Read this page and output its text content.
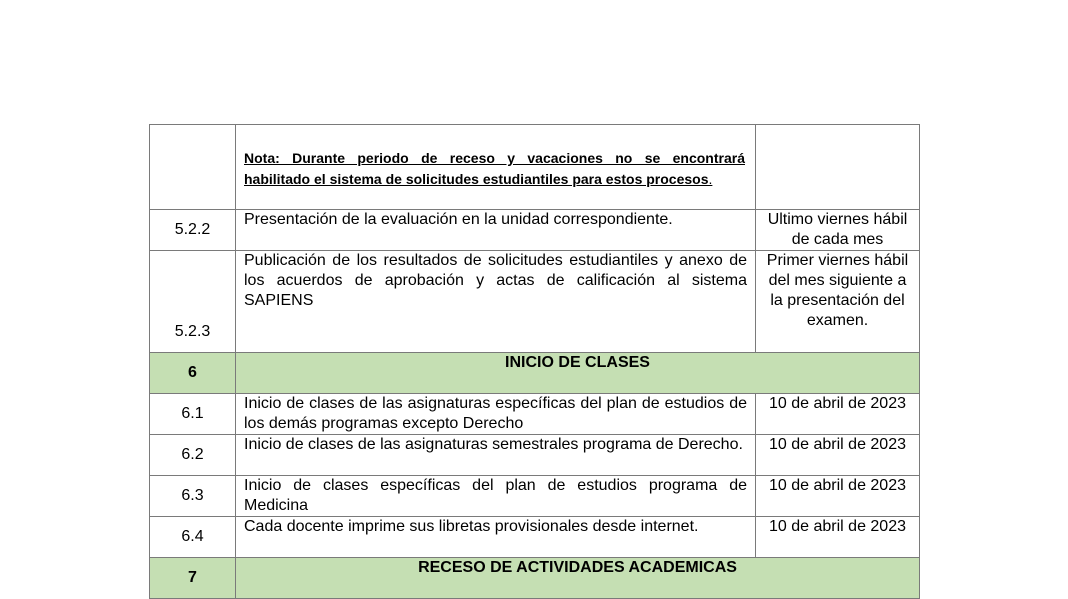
	Nota: Durante periodo de receso y vacaciones no se encontrará
habilitado el sistema de solicitudes estudiantiles para estos procesos.	

5.2.2	Presentación de la evaluación en la unidad correspondiente.	Ultimo viernes hábil de cada mes
5.2.3	Publicación de los resultados de solicitudes estudiantiles y anexo de los acuerdos de aprobación y actas de calificación al sistema SAPIENS	Primer viernes hábil del mes siguiente a la presentación del examen.
6	INICIO DE CLASES	
6.1	Inicio de clases de las asignaturas específicas del plan de estudios de los demás programas excepto Derecho	10 de abril de 2023
6.2	Inicio de clases de las asignaturas semestrales programa de Derecho.	10 de abril de 2023
6.3	Inicio de clases específicas del plan de estudios programa de Medicina	10 de abril de 2023
6.4	Cada docente imprime sus libretas provisionales desde internet.	10 de abril de 2023
7	RECESO DE ACTIVIDADES ACADEMICAS	
